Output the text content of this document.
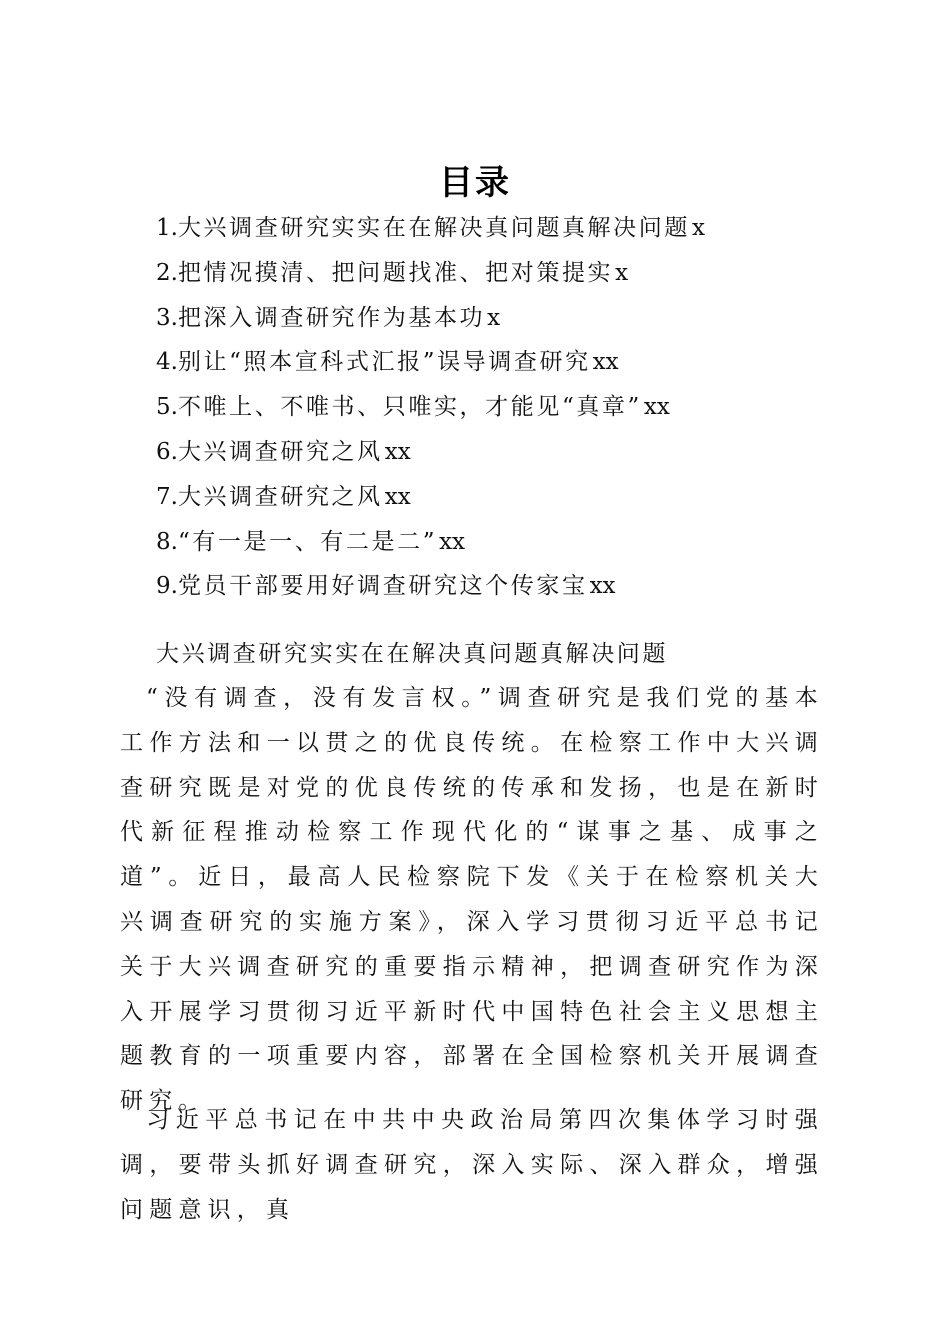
目录
1.大兴调查研究实实在在解决真问题真解决问题x
2.把情况摸清、把问题找准、把对策提实x
3.把深入调查研究作为基本功x
4.别让“照本宣科式汇报”误导调查研究xx
5.不唯上、不唯书、只唯实，才能见“真章”xx
6.大兴调查研究之风xx
7.大兴调查研究之风xx
8.“有一是一、有二是二”xx
9.党员干部要用好调查研究这个传家宝xx
大兴调查研究实实在在解决真问题真解决问题

“没有调查，没有发言权。”调查研究是我们党的基本工作方法和一以贯之的优良传统。在检察工作中大兴调查研究既是对党的优良传统的传承和发扬，也是在新时代新征程推动检察工作现代化的“谋事之基、成事之道”。近日，最高人民检察院下发《关于在检察机关大兴调查研究的实施方案》，深入学习贯彻习近平总书记关于大兴调查研究的重要指示精神，把调查研究作为深入开展学习贯彻习近平新时代中国特色社会主义思想主题教育的一项重要内容，部署在全国检察机关开展调查研究。

习近平总书记在中共中央政治局第四次集体学习时强调，要带头抓好调查研究，深入实际、深入群众，增强问题意识，真
